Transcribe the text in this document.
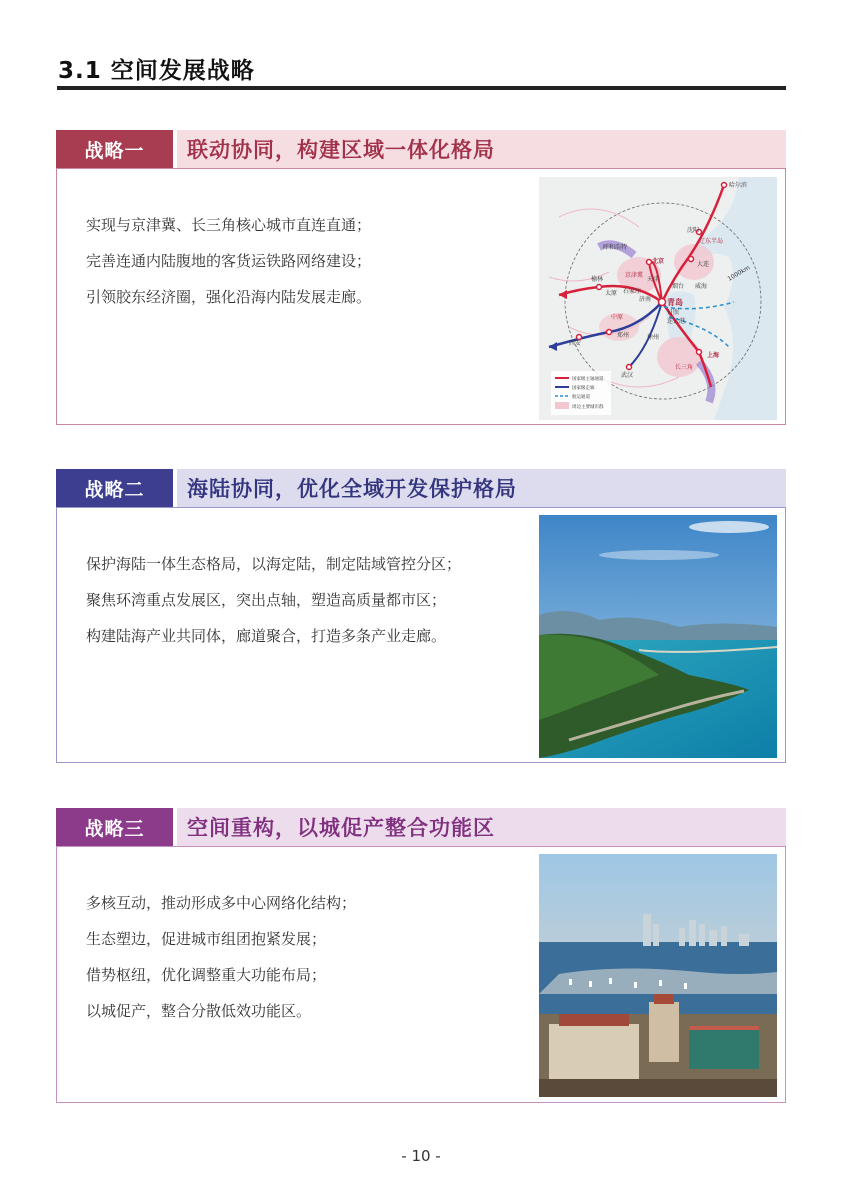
3.1 空间发展战略
战略一	联动协同，构建区域一体化格局
实现与京津冀、长三角核心城市直连直通；
完善连通内陆腹地的客货运铁路网络建设；
引领胶东经济圈，强化沿海内陆发展走廊。
哈尔滨
沈阳
辽东半岛
大连
呼和浩特
北京
京津冀
天津
烟台 威海
榆林
太原 石家庄
济南 青岛
日照
连云港
中原
郑州
西安
徐州
上海
长三角
武汉
1000km
国家级主轴通道
国家级走廊
航运通道
周边主要城市群
战略二	海陆协同，优化全域开发保护格局
保护海陆一体生态格局，以海定陆，制定陆域管控分区；
聚焦环湾重点发展区，突出点轴，塑造高质量都市区；
构建陆海产业共同体，廊道聚合，打造多条产业走廊。
战略三	空间重构，以城促产整合功能区
多核互动，推动形成多中心网络化结构；
生态塑边，促进城市组团抱紧发展；
借势枢纽，优化调整重大功能布局；
以城促产，整合分散低效功能区。
- 10 -
